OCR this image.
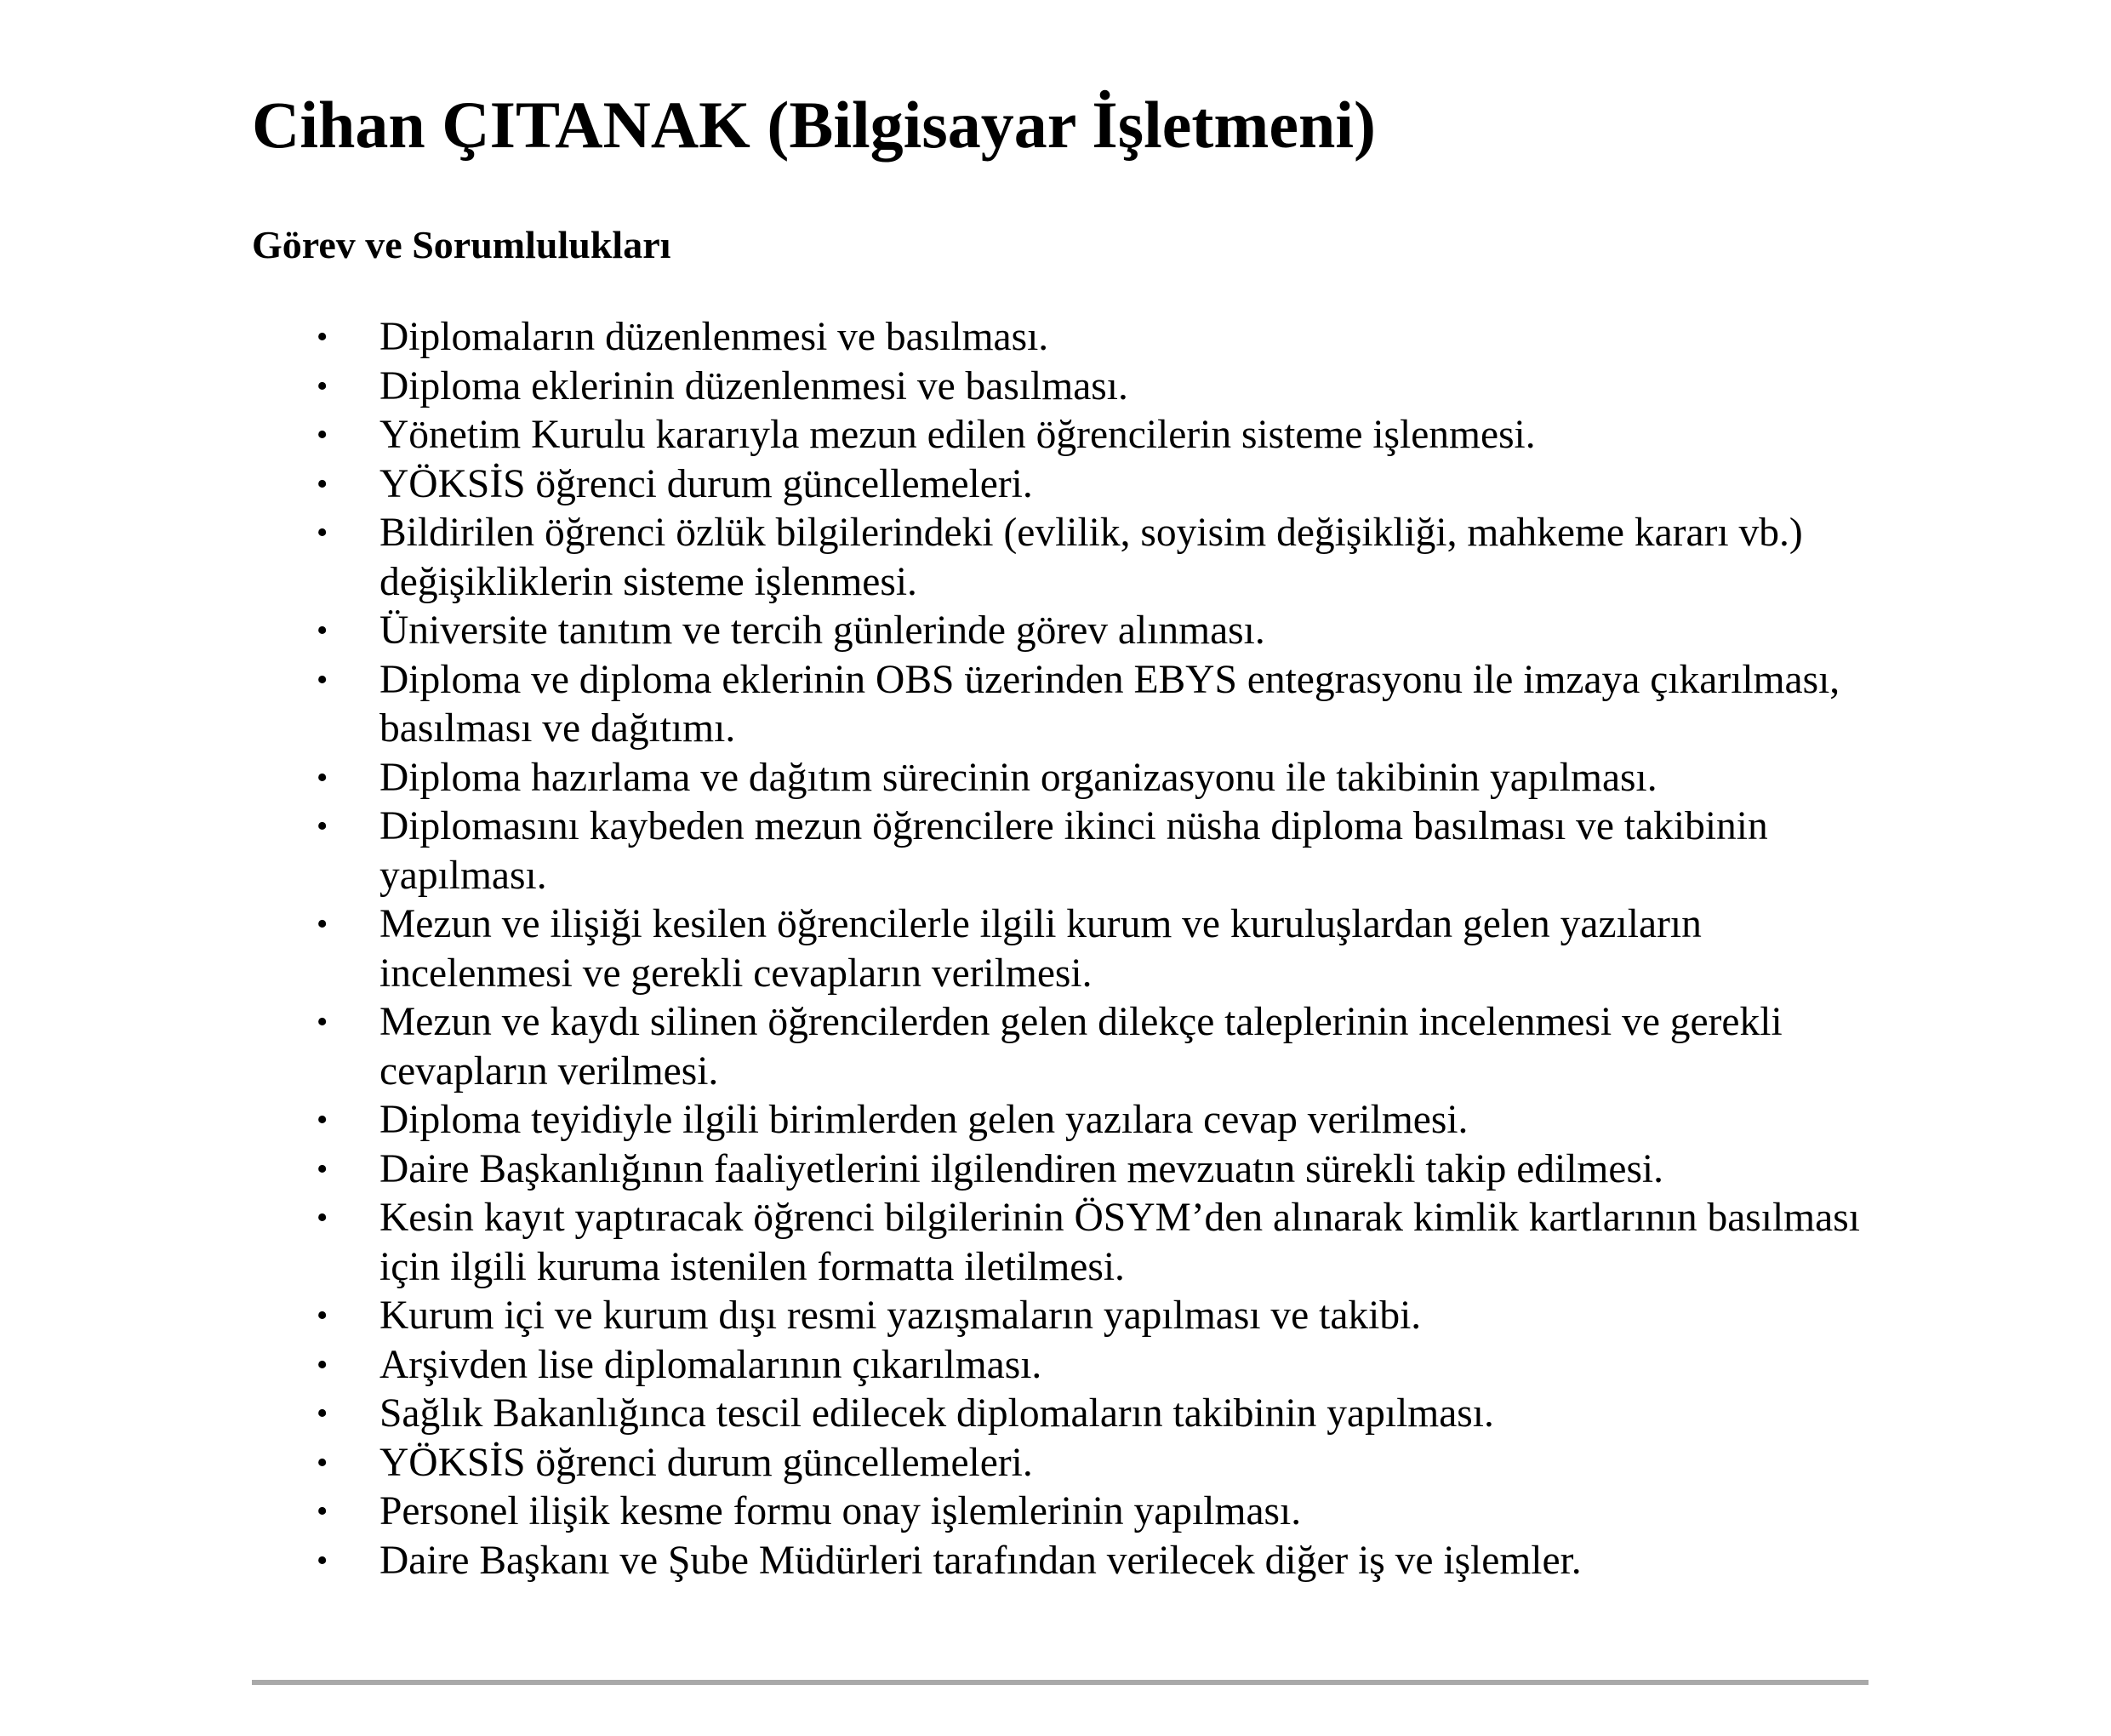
Cihan ÇITANAK (Bilgisayar İşletmeni)
Görev ve Sorumlulukları
• Diplomaların düzenlenmesi ve basılması.
• Diploma eklerinin düzenlenmesi ve basılması.
• Yönetim Kurulu kararıyla mezun edilen öğrencilerin sisteme işlenmesi.
• YÖKSİS öğrenci durum güncellemeleri.
• Bildirilen öğrenci özlük bilgilerindeki (evlilik, soyisim değişikliği, mahkeme kararı vb.) değişikliklerin sisteme işlenmesi.
• Üniversite tanıtım ve tercih günlerinde görev alınması.
• Diploma ve diploma eklerinin OBS üzerinden EBYS entegrasyonu ile imzaya çıkarılması, basılması ve dağıtımı.
• Diploma hazırlama ve dağıtım sürecinin organizasyonu ile takibinin yapılması.
• Diplomasını kaybeden mezun öğrencilere ikinci nüsha diploma basılması ve takibinin yapılması.
• Mezun ve ilişiği kesilen öğrencilerle ilgili kurum ve kuruluşlardan gelen yazıların incelenmesi ve gerekli cevapların verilmesi.
• Mezun ve kaydı silinen öğrencilerden gelen dilekçe taleplerinin incelenmesi ve gerekli cevapların verilmesi.
• Diploma teyidiyle ilgili birimlerden gelen yazılara cevap verilmesi.
• Daire Başkanlığının faaliyetlerini ilgilendiren mevzuatın sürekli takip edilmesi.
• Kesin kayıt yaptıracak öğrenci bilgilerinin ÖSYM’den alınarak kimlik kartlarının basılması için ilgili kuruma istenilen formatta iletilmesi.
• Kurum içi ve kurum dışı resmi yazışmaların yapılması ve takibi.
• Arşivden lise diplomalarının çıkarılması.
• Sağlık Bakanlığınca tescil edilecek diplomaların takibinin yapılması.
• YÖKSİS öğrenci durum güncellemeleri.
• Personel ilişik kesme formu onay işlemlerinin yapılması.
• Daire Başkanı ve Şube Müdürleri tarafından verilecek diğer iş ve işlemler.
